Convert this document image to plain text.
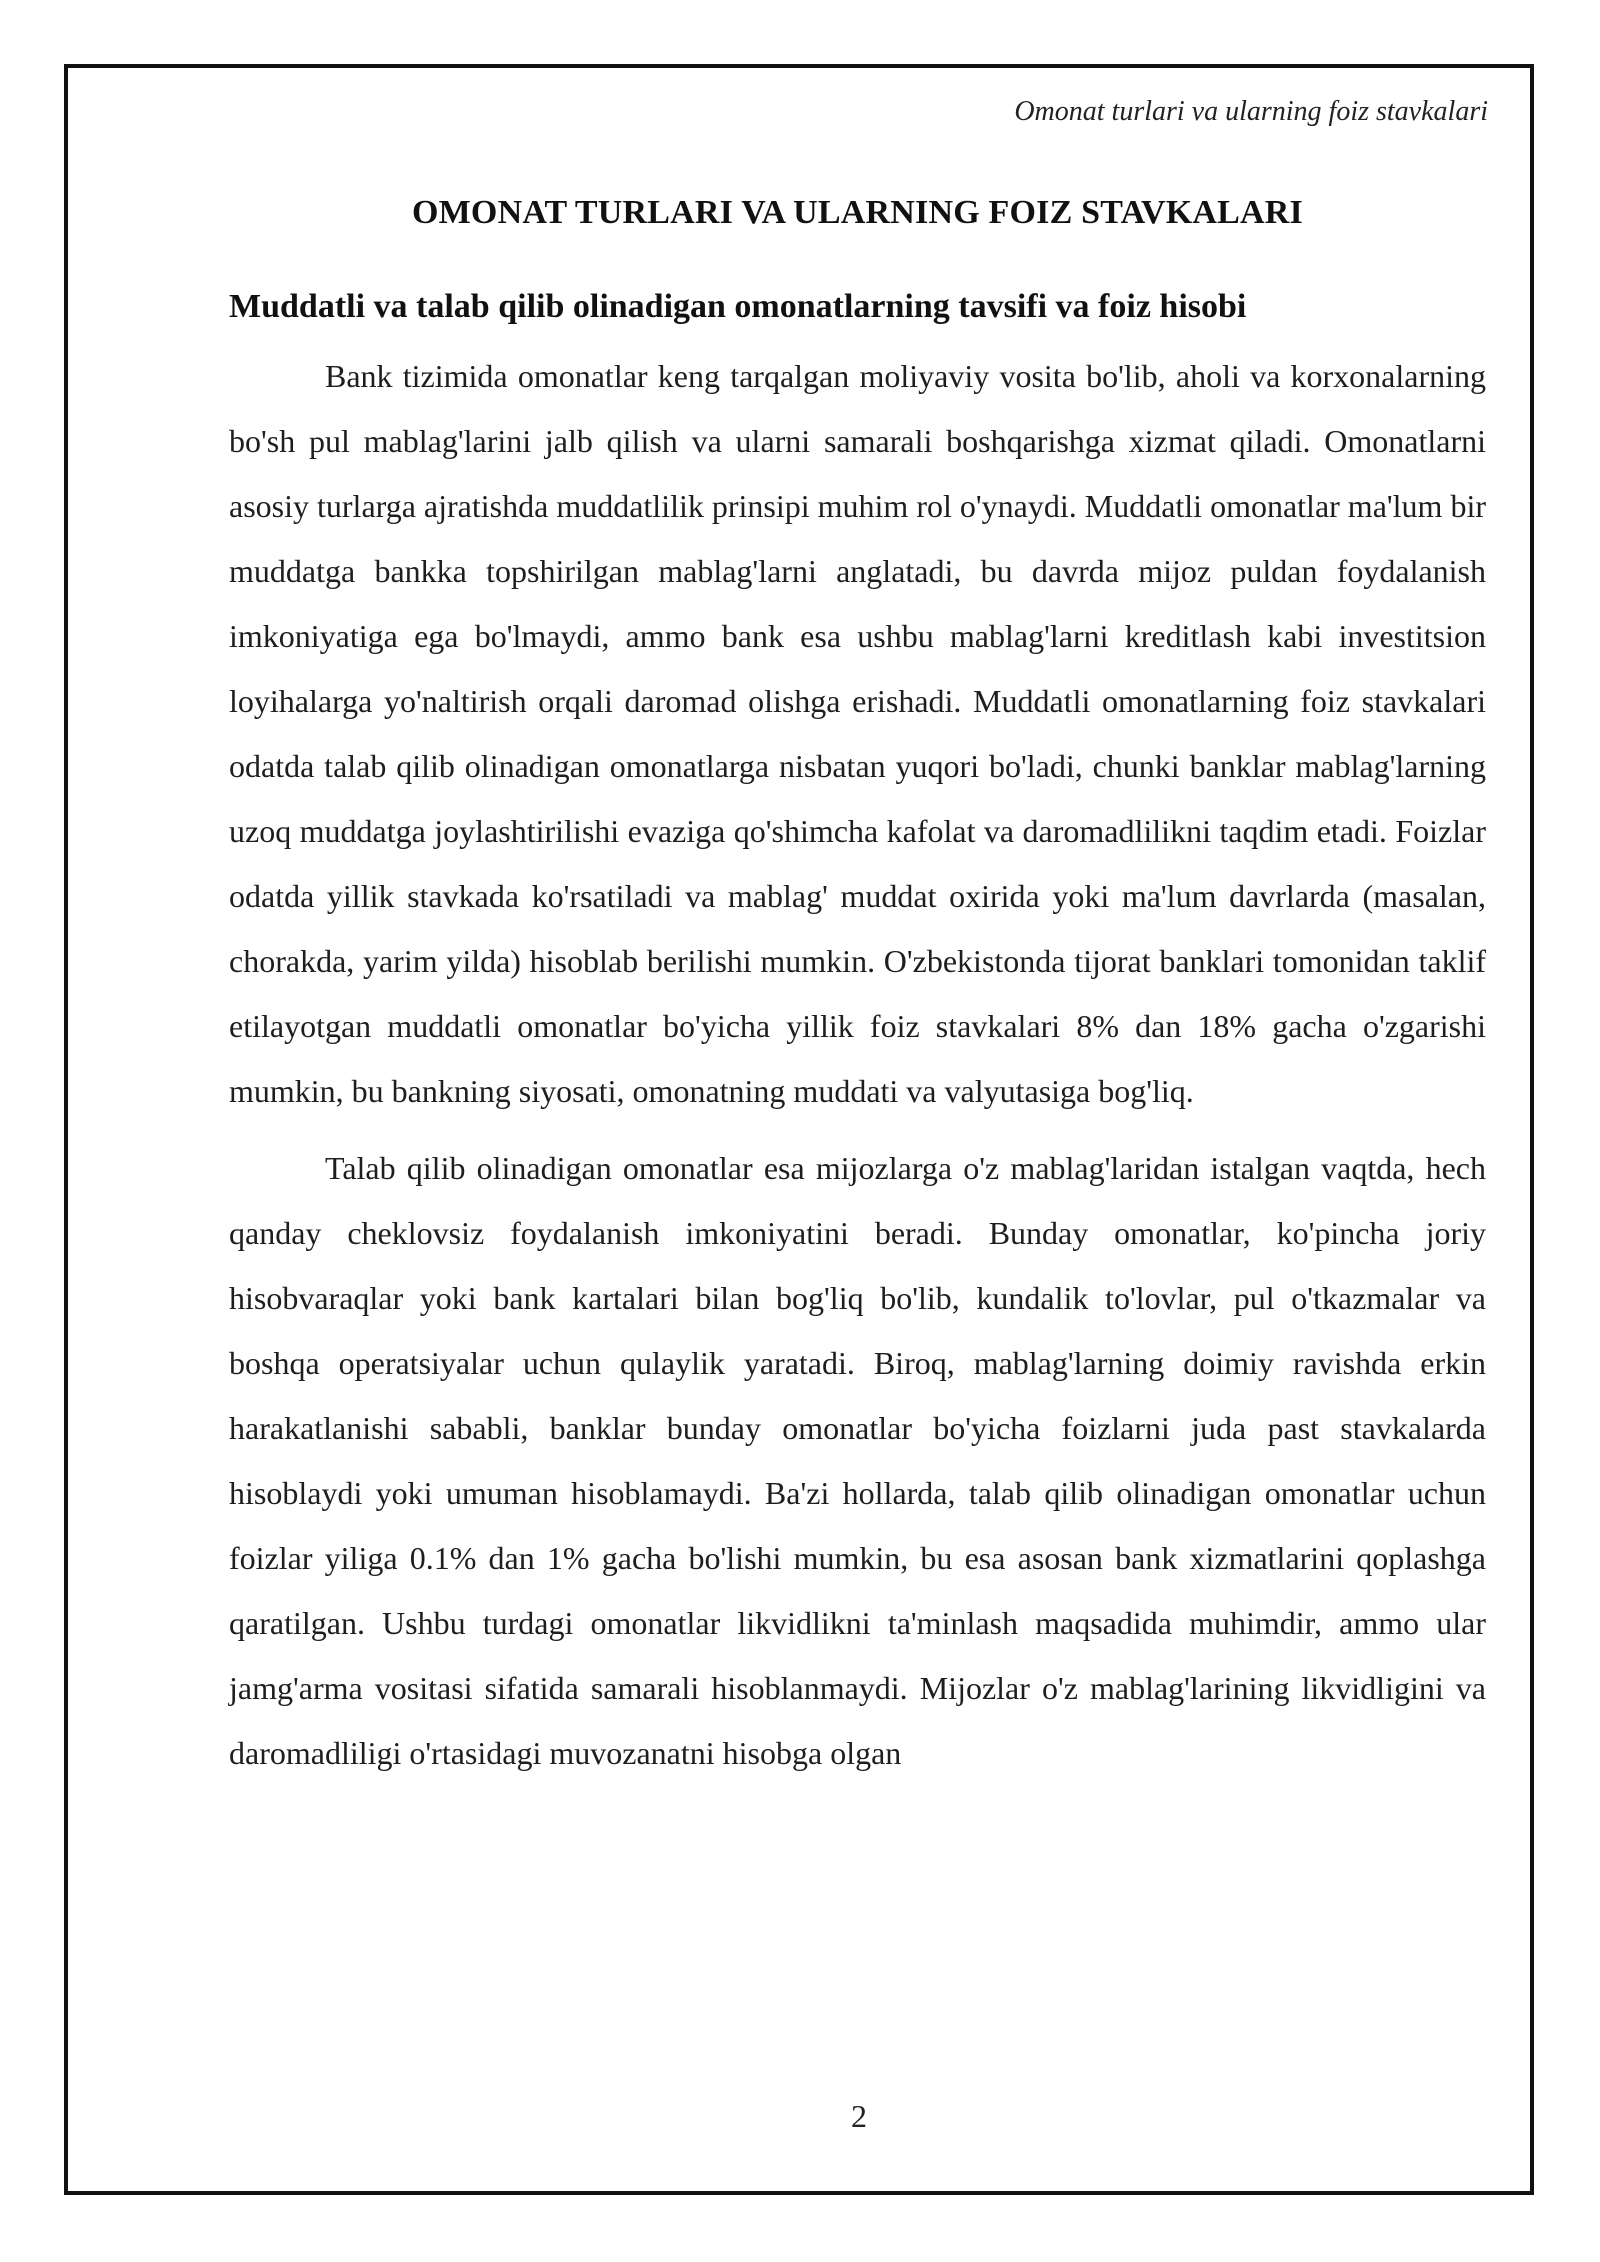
Omonat turlari va ularning foiz stavkalari
OMONAT TURLARI VA ULARNING FOIZ STAVKALARI
Muddatli va talab qilib olinadigan omonatlarning tavsifi va foiz hisobi

Bank tizimida omonatlar keng tarqalgan moliyaviy vosita bo'lib, aholi va korxonalarning bo'sh pul mablag'larini jalb qilish va ularni samarali boshqarishga xizmat qiladi. Omonatlarni asosiy turlarga ajratishda muddatlilik prinsipi muhim rol o'ynaydi. Muddatli omonatlar ma'lum bir muddatga bankka topshirilgan mablag'larni anglatadi, bu davrda mijoz puldan foydalanish imkoniyatiga ega bo'lmaydi, ammo bank esa ushbu mablag'larni kreditlash kabi investitsion loyihalarga yo'naltirish orqali daromad olishga erishadi. Muddatli omonatlarning foiz stavkalari odatda talab qilib olinadigan omonatlarga nisbatan yuqori bo'ladi, chunki banklar mablag'larning uzoq muddatga joylashtirilishi evaziga qo'shimcha kafolat va daromadlilikni taqdim etadi. Foizlar odatda yillik stavkada ko'rsatiladi va mablag' muddat oxirida yoki ma'lum davrlarda (masalan, chorakda, yarim yilda) hisoblab berilishi mumkin. O'zbekistonda tijorat banklari tomonidan taklif etilayotgan muddatli omonatlar bo'yicha yillik foiz stavkalari 8% dan 18% gacha o'zgarishi mumkin, bu bankning siyosati, omonatning muddati va valyutasiga bog'liq.

Talab qilib olinadigan omonatlar esa mijozlarga o'z mablag'laridan istalgan vaqtda, hech qanday cheklovsiz foydalanish imkoniyatini beradi. Bunday omonatlar, ko'pincha joriy hisobvaraqlar yoki bank kartalari bilan bog'liq bo'lib, kundalik to'lovlar, pul o'tkazmalar va boshqa operatsiyalar uchun qulaylik yaratadi. Biroq, mablag'larning doimiy ravishda erkin harakatlanishi sababli, banklar bunday omonatlar bo'yicha foizlarni juda past stavkalarda hisoblaydi yoki umuman hisoblamaydi. Ba'zi hollarda, talab qilib olinadigan omonatlar uchun foizlar yiliga 0.1% dan 1% gacha bo'lishi mumkin, bu esa asosan bank xizmatlarini qoplashga qaratilgan. Ushbu turdagi omonatlar likvidlikni ta'minlash maqsadida muhimdir, ammo ular jamg'arma vositasi sifatida samarali hisoblanmaydi. Mijozlar o'z mablag'larining likvidligini va daromadliligi o'rtasidagi muvozanatni hisobga olgan

2
